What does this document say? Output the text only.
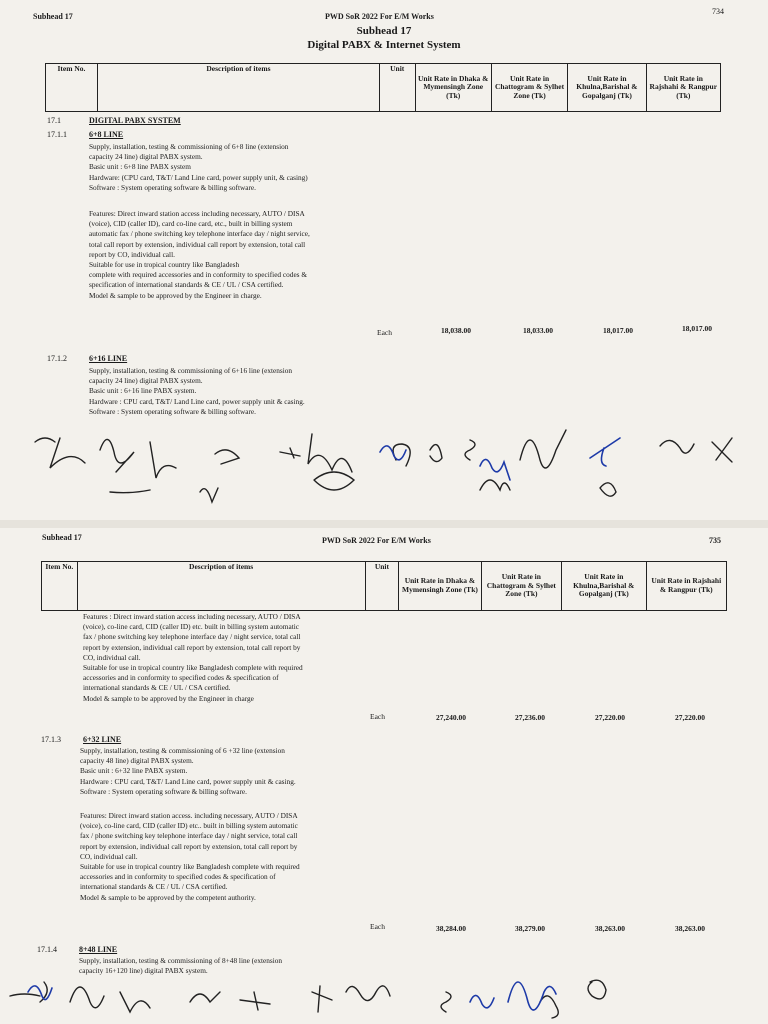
Subhead 17	PWD SoR 2022 For E/M Works
734
Subhead 17
Digital PABX & Internet System
Item No.	Description of items	Unit	Unit Rate in Dhaka & Mymensingh Zone (Tk)	Unit Rate in Chattogram & Sylhet Zone (Tk)	Unit Rate in Khulna,Barishal & Gopalganj (Tk)	Unit Rate in Rajshahi & Rangpur (Tk)
17.1	DIGITAL PABX SYSTEM
17.1.1	6+8 LINE
Supply, installation, testing & commissioning of 6+8 line (extension
capacity 24 line) digital PABX system.
Basic unit : 6+8 line PABX system
Hardware: (CPU card, T&T/ Land Line card, power supply unit, & casing)
Software : System operating software & billing software.
Features: Direct inward station access including necessary, AUTO / DISA
(voice), CID (caller ID), card co-line card, etc., built in billing system
automatic fax / phone switching key telephone interface day / night service,
total call report by extension, individual call report by extension, total call
report by CO, individual call.
Suitable for use in tropical country like Bangladesh
complete with required accessories and in conformity to specified codes &
specification of international standards & CE / UL / CSA certified.
Model & sample to be approved by the Engineer in charge.
Each	18,038.00	18,033.00	18,017.00	18,017.00
17.1.2	6+16 LINE
Supply, installation, testing & commissioning of 6+16 line (extension
capacity 24 line) digital PABX system.
Basic unit : 6+16 line PABX system.
Hardware : CPU card, T&T/ Land Line card, power supply unit & casing.
Software : System operating software & billing software.
Subhead 17	PWD SoR 2022 For E/M Works	735
Item No.	Description of items	Unit	Unit Rate in Dhaka & Mymensingh Zone (Tk)	Unit Rate in Chattogram & Sylhet Zone (Tk)	Unit Rate in Khulna,Barishal & Gopalganj (Tk)	Unit Rate in Rajshahi & Rangpur (Tk)
Features : Direct inward station access including necessary, AUTO / DISA
(voice), co-line card, CID (caller ID) etc. built in billing system automatic
fax / phone switching key telephone interface day / night service, total call
report by extension, individual call report by extension, total call report by
CO, individual call.
Suitable for use in tropical country like Bangladesh complete with required
accessories and in conformity to specified codes & specification of
international standards & CE / UL / CSA certified.
Model & sample to be approved by the Engineer in charge
Each	27,240.00	27,236.00	27,220.00	27,220.00
17.1.3	6+32 LINE
Supply, installation, testing & commissioning of 6 +32 line (extension
capacity 48 line) digital PABX system.
Basic unit : 6+32 line PABX system.
Hardware : CPU card, T&T/ Land Line card, power supply unit & casing.
Software : System operating software & billing software.
Features: Direct inward station access. including necessary, AUTO / DISA
(voice), co-line card, CID (caller ID) etc.. built in billing system automatic
fax / phone switching key telephone interface day / night service, total call
report by extension, individual call report by extension, total call report by
CO, individual call.
Suitable for use in tropical country like Bangladesh complete with required
accessories and in conformity to specified codes & specification of
international standards & CE / UL / CSA certified.
Model & sample to be approved by the competent authority.
Each	38,284.00	38,279.00	38,263.00	38,263.00
17.1.4	8+48 LINE
Supply, installation, testing & commissioning of 8+48 line (extension
capacity 16+120 line) digital PABX system.
